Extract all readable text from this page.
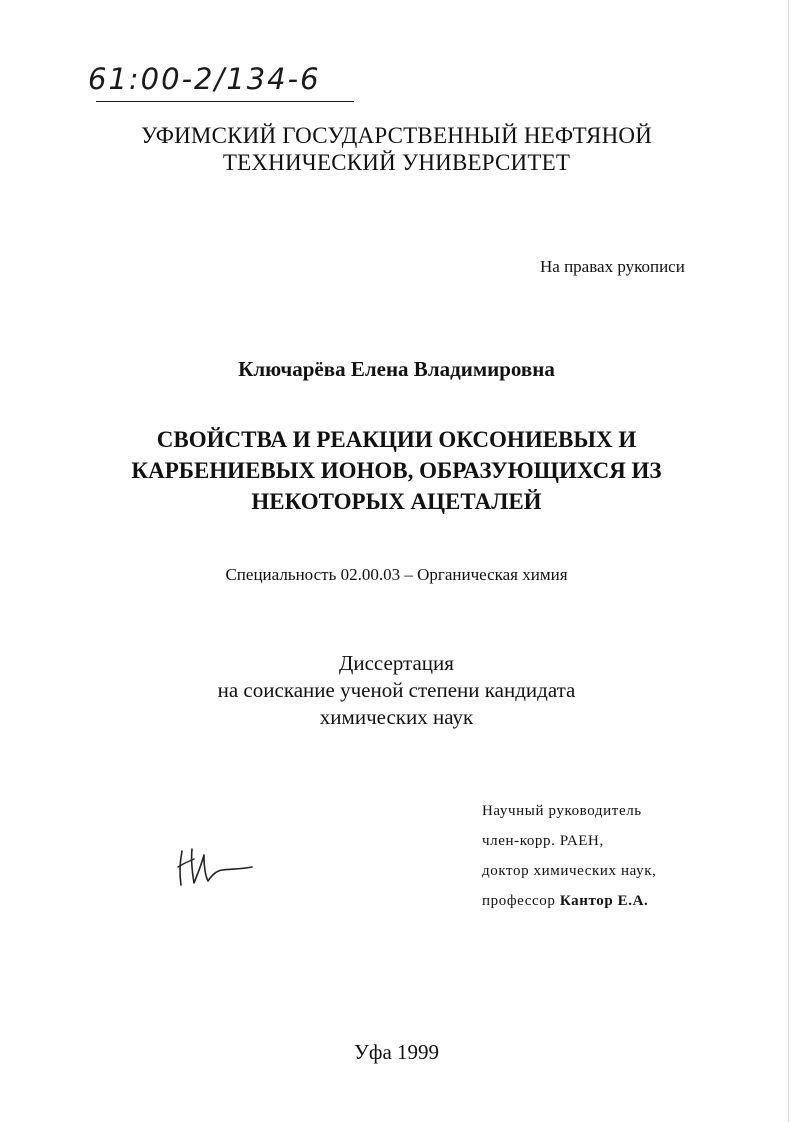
61:00-2/134-6
УФИМСКИЙ ГОСУДАРСТВЕННЫЙ НЕФТЯНОЙ
ТЕХНИЧЕСКИЙ УНИВЕРСИТЕТ
На правах рукописи
Ключарёва Елена Владимировна
СВОЙСТВА И РЕАКЦИИ ОКСОНИЕВЫХ И
КАРБЕНИЕВЫХ ИОНОВ, ОБРАЗУЮЩИХСЯ ИЗ
НЕКОТОРЫХ АЦЕТАЛЕЙ
Специальность 02.00.03 – Органическая химия
Диссертация
на соискание ученой степени кандидата
химических наук
Научный руководитель
член-корр. РАЕН,
доктор химических наук,
профессор Кантор Е.А.
Уфа 1999
